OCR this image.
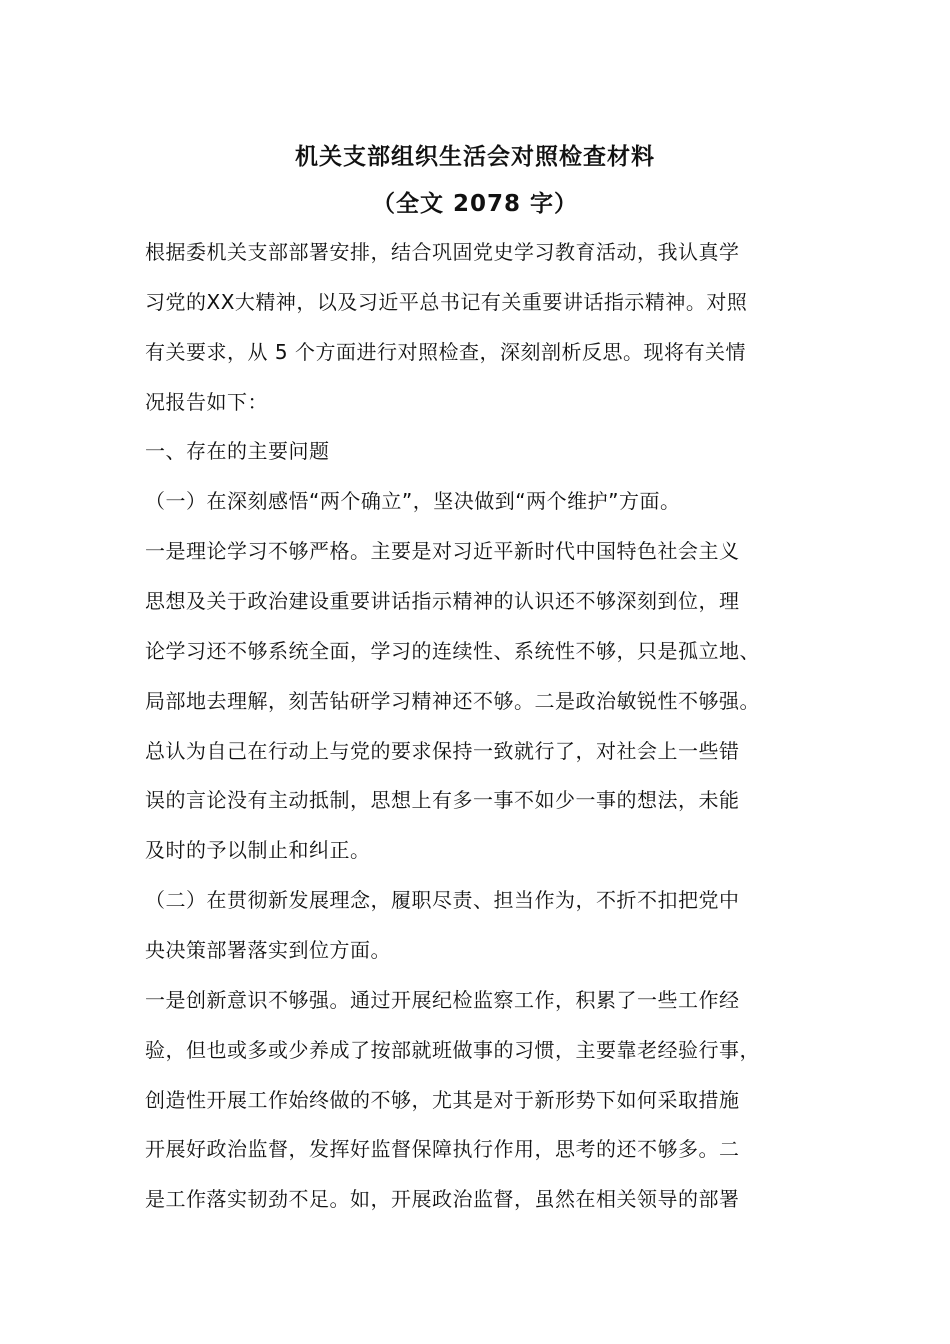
机关支部组织生活会对照检查材料
（全文 2078 字）
根据委机关支部部署安排，结合巩固党史学习教育活动，我认真学
习党的XX大精神，以及习近平总书记有关重要讲话指示精神。对照
有关要求，从 5 个方面进行对照检查，深刻剖析反思。现将有关情
况报告如下：
一、存在的主要问题
（一）在深刻感悟“两个确立”，坚决做到“两个维护”方面。
一是理论学习不够严格。主要是对习近平新时代中国特色社会主义
思想及关于政治建设重要讲话指示精神的认识还不够深刻到位，理
论学习还不够系统全面，学习的连续性、系统性不够，只是孤立地、
局部地去理解，刻苦钻研学习精神还不够。二是政治敏锐性不够强。
总认为自己在行动上与党的要求保持一致就行了，对社会上一些错
误的言论没有主动抵制，思想上有多一事不如少一事的想法，未能
及时的予以制止和纠正。
（二）在贯彻新发展理念，履职尽责、担当作为，不折不扣把党中
央决策部署落实到位方面。
一是创新意识不够强。通过开展纪检监察工作，积累了一些工作经
验，但也或多或少养成了按部就班做事的习惯，主要靠老经验行事，
创造性开展工作始终做的不够，尤其是对于新形势下如何采取措施
开展好政治监督，发挥好监督保障执行作用，思考的还不够多。二
是工作落实韧劲不足。如，开展政治监督，虽然在相关领导的部署
